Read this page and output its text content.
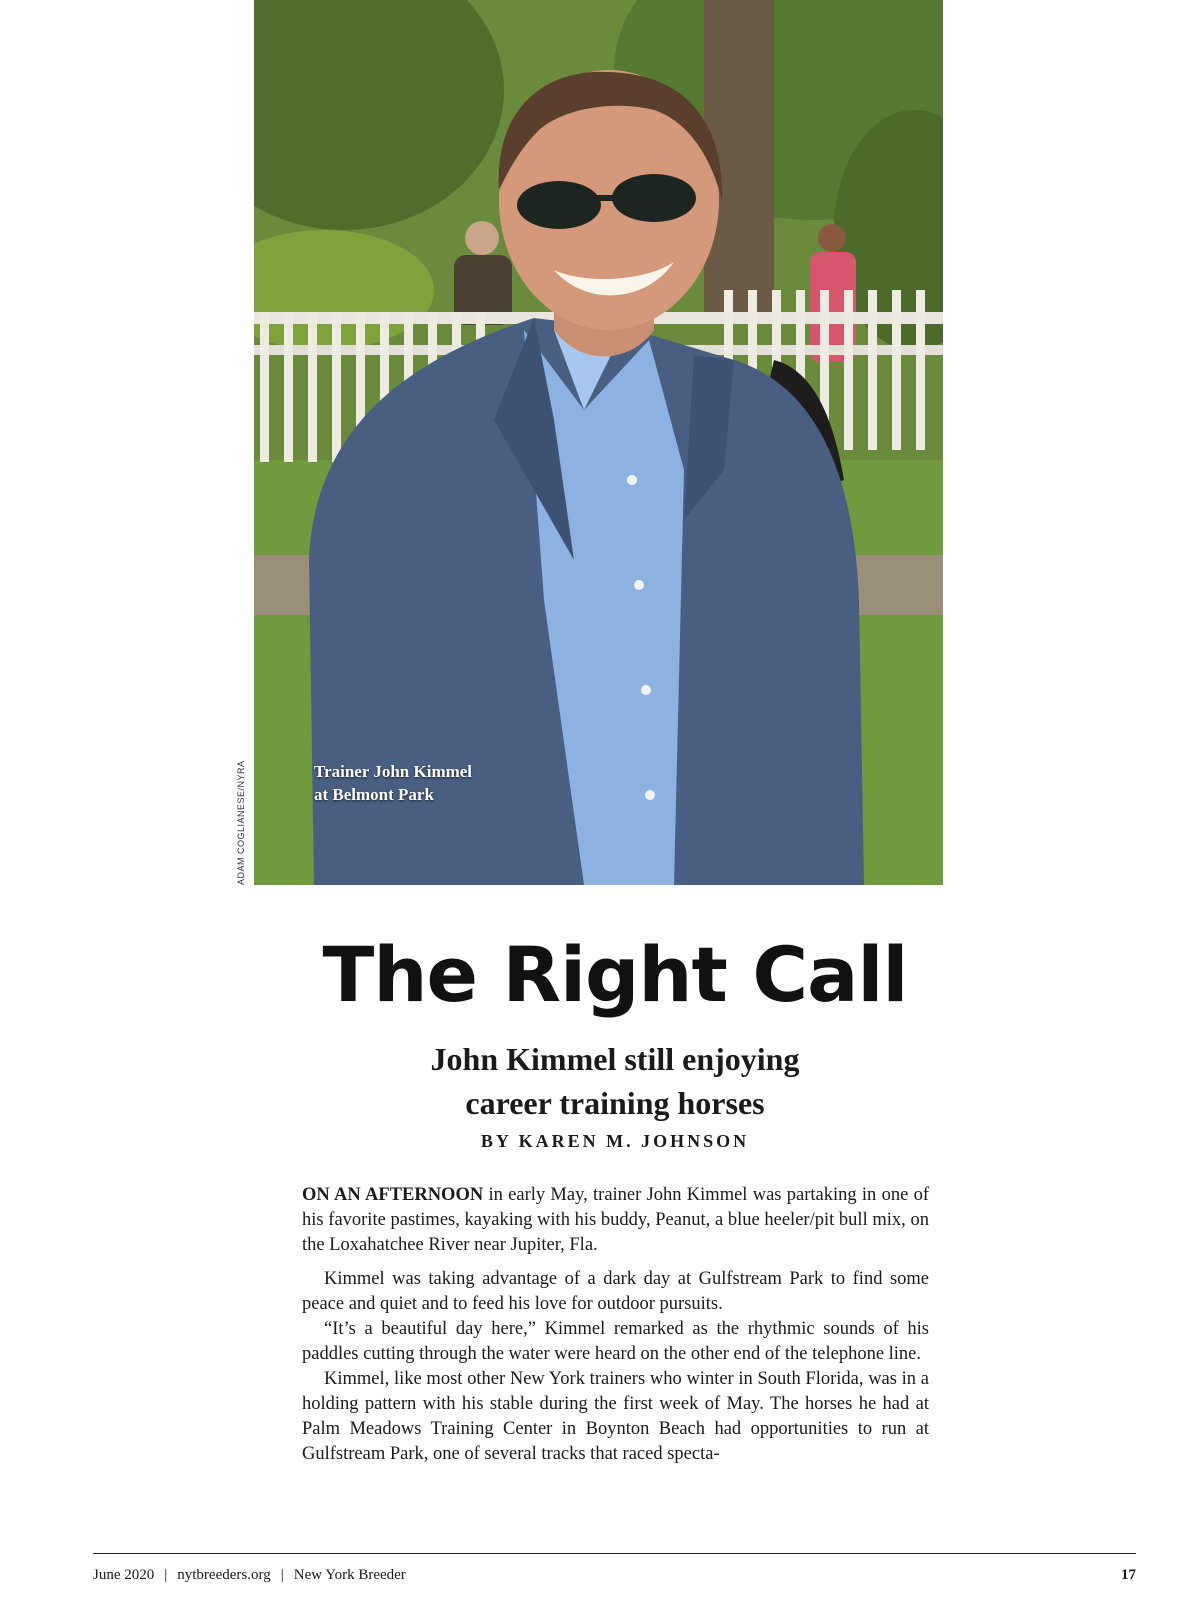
Trainer John Kimmel
at Belmont Park
ADAM COGLIANESE/NYRA
The Right Call
John Kimmel still enjoying
career training horses
BY KAREN M. JOHNSON

ON AN AFTERNOON in early May, trainer John Kimmel was partaking in one of his favorite pastimes, kayaking with his buddy, Peanut, a blue heeler/pit bull mix, on the Loxahatchee River near Jupiter, Fla.

Kimmel was taking advantage of a dark day at Gulfstream Park to find some peace and quiet and to feed his love for outdoor pursuits.

“It’s a beautiful day here,” Kimmel remarked as the rhythmic sounds of his paddles cutting through the water were heard on the other end of the telephone line.

Kimmel, like most other New York trainers who winter in South Florida, was in a holding pattern with his stable during the first week of May. The horses he had at Palm Meadows Training Center in Boynton Beach had opportunities to run at Gulfstream Park, one of several tracks that raced specta-

June 2020 | nytbreeders.org | New York Breeder	17
